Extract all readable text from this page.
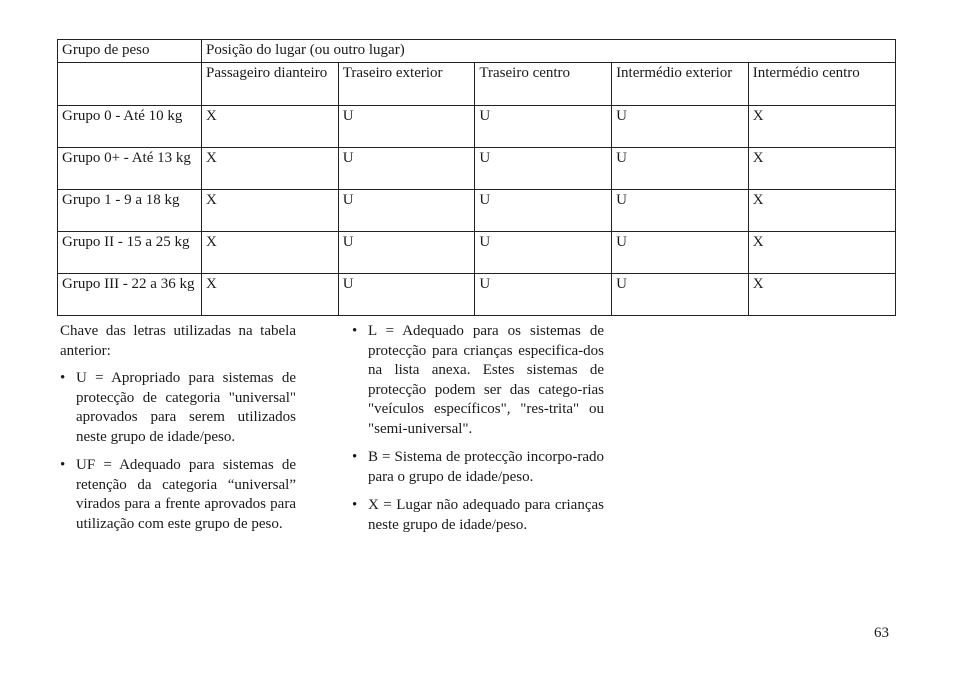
Grupo de peso	Posição do lugar (ou outro lugar)				
	Passageiro dianteiro	Traseiro exterior	Traseiro centro	Intermédio exterior	Intermédio centro
Grupo 0 - Até 10 kg	X	U	U	U	X
Grupo 0+ - Até 13 kg	X	U	U	U	X
Grupo 1 - 9 a 18 kg	X	U	U	U	X
Grupo II - 15 a 25 kg	X	U	U	U	X
Grupo III - 22 a 36 kg	X	U	U	U	X

Chave das letras utilizadas na tabela anterior:

• U = Apropriado para sistemas de protecção de categoria "universal" aprovados para serem utilizados neste grupo de idade/peso.
• UF = Adequado para sistemas de retenção da categoria “universal” virados para a frente aprovados para utilização com este grupo de peso.
• L = Adequado para os sistemas de protecção para crianças especifica-dos na lista anexa. Estes sistemas de protecção podem ser das catego-rias "veículos específicos", "res-trita" ou "semi-universal".
• B = Sistema de protecção incorpo-rado para o grupo de idade/peso.
• X = Lugar não adequado para crianças neste grupo de idade/peso.
63
